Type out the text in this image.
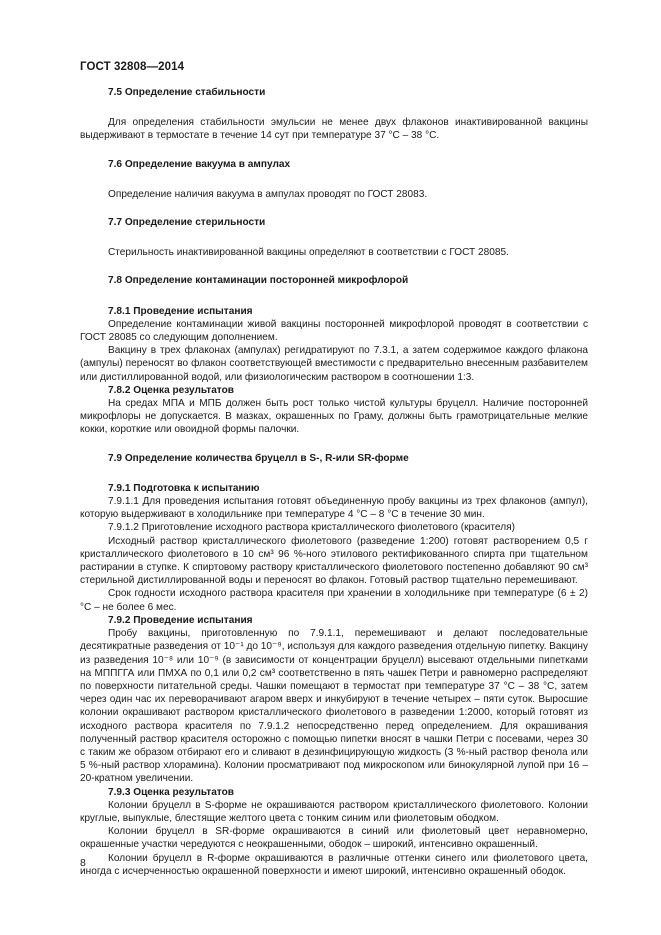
ГОСТ 32808—2014

7.5 Определение стабильности

Для определения стабильности эмульсии не менее двух флаконов инактивированной вакцины выдерживают в термостате в течение 14 сут при температуре 37 °С – 38 °С.

7.6 Определение вакуума в ампулах

Определение наличия вакуума в ампулах проводят по ГОСТ 28083.

7.7 Определение стерильности

Стерильность инактивированной вакцины определяют в соответствии с ГОСТ 28085.

7.8 Определение контаминации посторонней микрофлорой

7.8.1 Проведение испытания

Определение контаминации живой вакцины посторонней микрофлорой проводят в соответствии с ГОСТ 28085 со следующим дополнением.

Вакцину в трех флаконах (ампулах) регидратируют по 7.3.1, а затем содержимое каждого флакона (ампулы) переносят во флакон соответствующей вместимости с предварительно внесенным разбавителем или дистиллированной водой, или физиологическим раствором в соотношении 1:3.

7.8.2 Оценка результатов

На средах МПА и МПБ должен быть рост только чистой культуры бруцелл. Наличие посторонней микрофлоры не допускается. В мазках, окрашенных по Граму, должны быть грамотрицательные мелкие кокки, короткие или овоидной формы палочки.

7.9 Определение количества бруцелл в S-, R-или SR-форме

7.9.1 Подготовка к испытанию

7.9.1.1 Для проведения испытания готовят объединенную пробу вакцины из трех флаконов (ампул), которую выдерживают в холодильнике при температуре 4 °С – 8 °С в течение 30 мин.

7.9.1.2 Приготовление исходного раствора кристаллического фиолетового (красителя)

Исходный раствор кристаллического фиолетового (разведение 1:200) готовят растворением 0,5 г кристаллического фиолетового в 10 см³ 96 %-ного этилового ректификованного спирта при тщательном растирании в ступке. К спиртовому раствору кристаллического фиолетового постепенно добавляют 90 см³ стерильной дистиллированной воды и переносят во флакон. Готовый раствор тщательно перемешивают.

Срок годности исходного раствора красителя при хранении в холодильнике при температуре (6 ± 2) °С – не более 6 мес.

7.9.2 Проведение испытания

Пробу вакцины, приготовленную по 7.9.1.1, перемешивают и делают последовательные десятикратные разведения от 10⁻¹ до 10⁻⁹, используя для каждого разведения отдельную пипетку. Вакцину из разведения 10⁻⁸ или 10⁻⁹ (в зависимости от концентрации бруцелл) высевают отдельными пипетками на МППГГА или ПМХА по 0,1 или 0,2 см³ соответственно в пять чашек Петри и равномерно распределяют по поверхности питательной среды. Чашки помещают в термостат при температуре 37 °С – 38 °С, затем через один час их переворачивают агаром вверх и инкубируют в течение четырех – пяти суток. Выросшие колонии окрашивают раствором кристаллического фиолетового в разведении 1:2000, который готовят из исходного раствора красителя по 7.9.1.2 непосредственно перед определением. Для окрашивания полученный раствор красителя осторожно с помощью пипетки вносят в чашки Петри с посевами, через 30 с таким же образом отбирают его и сливают в дезинфицирующую жидкость (3 %-ный раствор фенола или 5 %-ный раствор хлорамина). Колонии просматривают под микроскопом или бинокулярной лупой при 16 – 20-кратном увеличении.

7.9.3 Оценка результатов

Колонии бруцелл в S-форме не окрашиваются раствором кристаллического фиолетового. Колонии круглые, выпуклые, блестящие желтого цвета с тонким синим или фиолетовым ободком.

Колонии бруцелл в SR-форме окрашиваются в синий или фиолетовый цвет неравномерно, окрашенные участки чередуются с неокрашенными, ободок – широкий, интенсивно окрашенный.

Колонии бруцелл в R-форме окрашиваются в различные оттенки синего или фиолетового цвета, иногда с исчерченностью окрашенной поверхности и имеют широкий, интенсивно окрашенный ободок.

8
